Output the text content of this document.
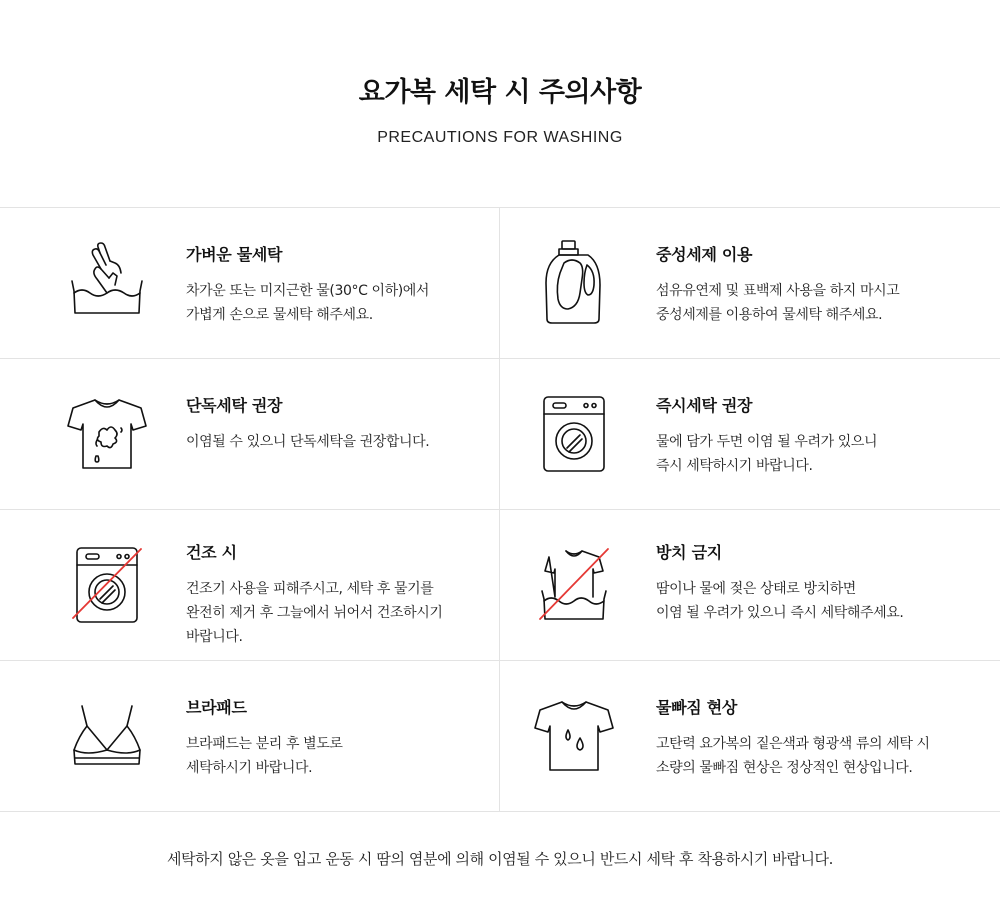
요가복 세탁 시 주의사항
PRECAUTIONS FOR WASHING
가벼운 물세탁
차가운 또는 미지근한 물(30°C 이하)에서
가볍게 손으로 물세탁 해주세요.
중성세제 이용
섬유유연제 및 표백제 사용을 하지 마시고
중성세제를 이용하여 물세탁 해주세요.
단독세탁 권장
이염될 수 있으니 단독세탁을 권장합니다.
즉시세탁 권장
물에 담가 두면 이염 될 우려가 있으니
즉시 세탁하시기 바랍니다.
건조 시
건조기 사용을 피해주시고, 세탁 후 물기를
완전히 제거 후 그늘에서 뉘어서 건조하시기
바랍니다.
방치 금지
땀이나 물에 젖은 상태로 방치하면
이염 될 우려가 있으니 즉시 세탁해주세요.
브라패드
브라패드는 분리 후 별도로
세탁하시기 바랍니다.
물빠짐 현상
고탄력 요가복의 짙은색과 형광색 류의 세탁 시
소량의 물빠짐 현상은 정상적인 현상입니다.
세탁하지 않은 옷을 입고 운동 시 땀의 염분에 의해 이염될 수 있으니 반드시 세탁 후 착용하시기 바랍니다.
